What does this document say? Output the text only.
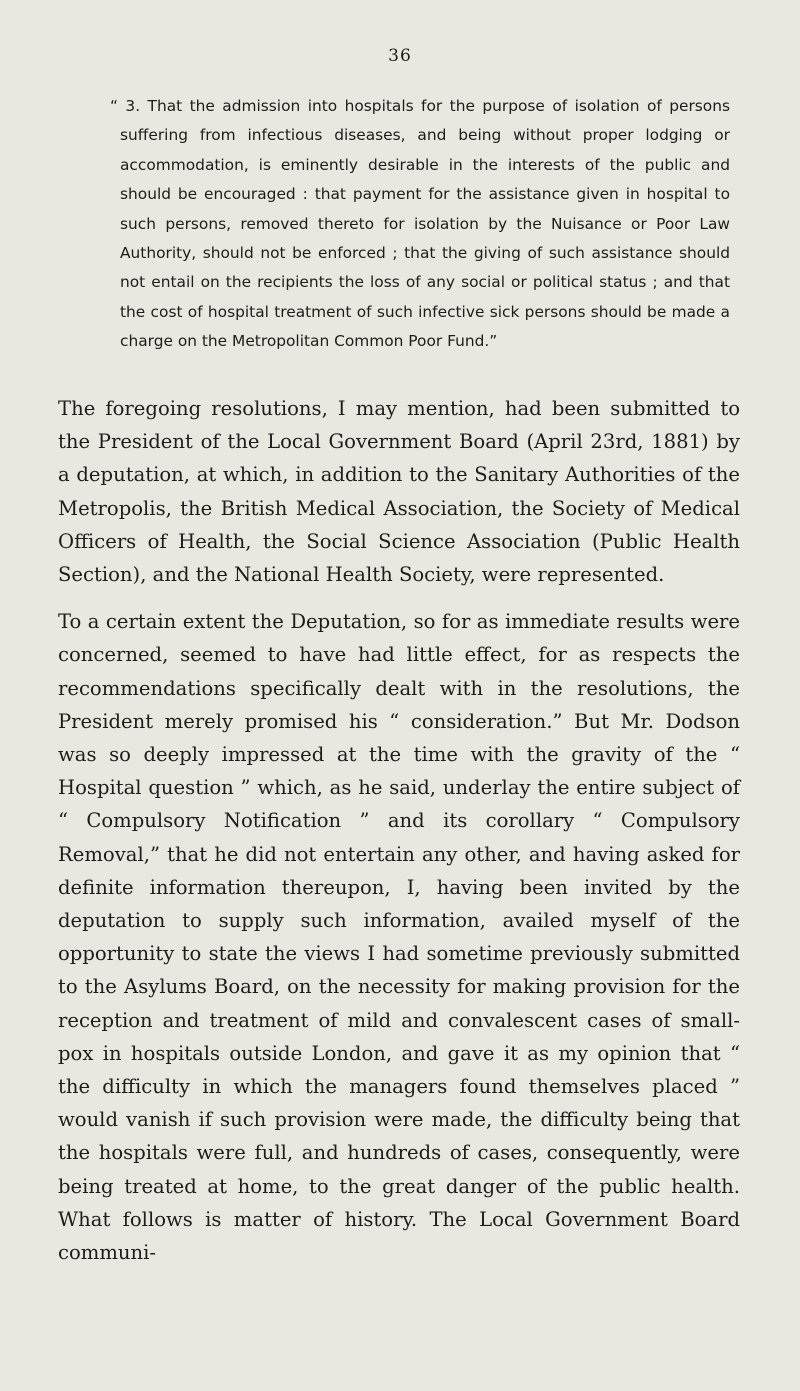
36
“ 3. That the admission into hospitals for the purpose of isolation of persons suffering from infectious diseases, and being without proper lodging or accommodation, is eminently desirable in the interests of the public and should be encouraged : that payment for the assistance given in hospital to such persons, removed thereto for isolation by the Nuisance or Poor Law Authority, should not be enforced ; that the giving of such assistance should not entail on the recipients the loss of any social or political status ; and that the cost of hospital treatment of such infective sick persons should be made a charge on the Metropolitan Common Poor Fund.”

The foregoing resolutions, I may mention, had been submitted to the President of the Local Government Board (April 23rd, 1881) by a deputation, at which, in addition to the Sanitary Authorities of the Metropolis, the British Medical Association, the Society of Medical Officers of Health, the Social Science Association (Public Health Section), and the National Health Society, were represented.

To a certain extent the Deputation, so for as immediate results were concerned, seemed to have had little effect, for as respects the recommendations specifically dealt with in the resolutions, the President merely promised his “ consideration.” But Mr. Dodson was so deeply impressed at the time with the gravity of the “ Hospital question ” which, as he said, underlay the entire subject of “ Compulsory Notification ” and its corollary “ Compulsory Removal,” that he did not entertain any other, and having asked for definite information thereupon, I, having been invited by the deputation to supply such information, availed myself of the opportunity to state the views I had sometime previously submitted to the Asylums Board, on the necessity for making provision for the reception and treatment of mild and convalescent cases of small-pox in hospitals outside London, and gave it as my opinion that “ the difficulty in which the managers found themselves placed ” would vanish if such provision were made, the difficulty being that the hospitals were full, and hundreds of cases, consequently, were being treated at home, to the great danger of the public health. What follows is matter of history. The Local Government Board communi-
